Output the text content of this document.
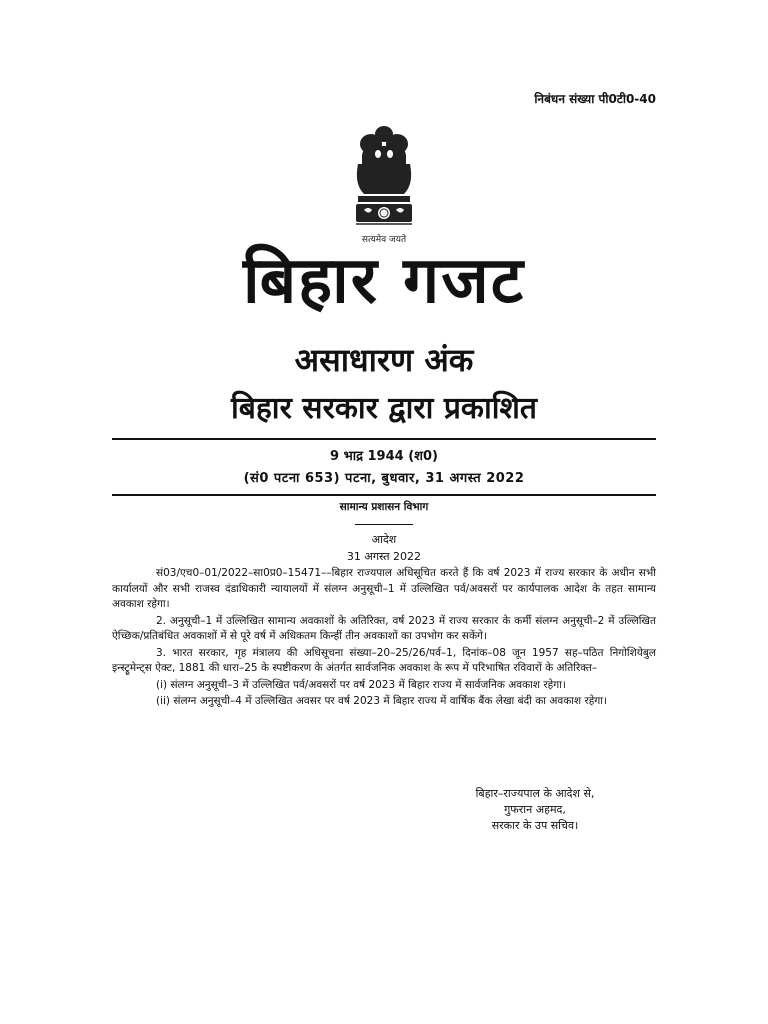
निबंधन संख्या पी0टी0-40
सत्यमेव जयते
बिहार गजट
असाधारण अंक
बिहार सरकार द्वारा प्रकाशित
9 भाद्र 1944 (श0)
(सं0 पटना 653) पटना, बुधवार, 31 अगस्त 2022
सामान्य प्रशासन विभाग
आदेश
31 अगस्त 2022

सं03/एच0–01/2022–सा0प्र0–15471––बिहार राज्यपाल अधिसूचित करते हैं कि वर्ष 2023 में राज्य सरकार के अधीन सभी कार्यालयों और सभी राजस्व दंडाधिकारी न्यायालयों में संलग्न अनुसूची–1 में उल्लिखित पर्व/अवसरों पर कार्यपालक आदेश के तहत सामान्य अवकाश रहेगा।

2. अनुसूची–1 में उल्लिखित सामान्य अवकाशों के अतिरिक्त, वर्ष 2023 में राज्य सरकार के कर्मी संलग्न अनुसूची–2 में उल्लिखित ऐच्छिक/प्रतिबंधित अवकाशों में से पूरे वर्ष में अधिकतम किन्हीं तीन अवकाशों का उपभोग कर सकेंगे।

3. भारत सरकार, गृह मंत्रालय की अधिसूचना संख्या–20–25/26/पर्व–1, दिनांक–08 जून 1957 सह–पठित निगोशियेबुल इन्स्ट्रूमेन्ट्स ऐक्ट, 1881 की धारा–25 के स्पष्टीकरण के अंतर्गत सार्वजनिक अवकाश के रूप में परिभाषित रविवारों के अतिरिक्त–

(i) संलग्न अनुसूची–3 में उल्लिखित पर्व/अवसरों पर वर्ष 2023 में बिहार राज्य में सार्वजनिक अवकाश रहेगा।

(ii) संलग्न अनुसूची–4 में उल्लिखित अवसर पर वर्ष 2023 में बिहार राज्य में वार्षिक बैंक लेखा बंदी का अवकाश रहेगा।

बिहार–राज्यपाल के आदेश से,
गुफरान अहमद,
सरकार के उप सचिव।
